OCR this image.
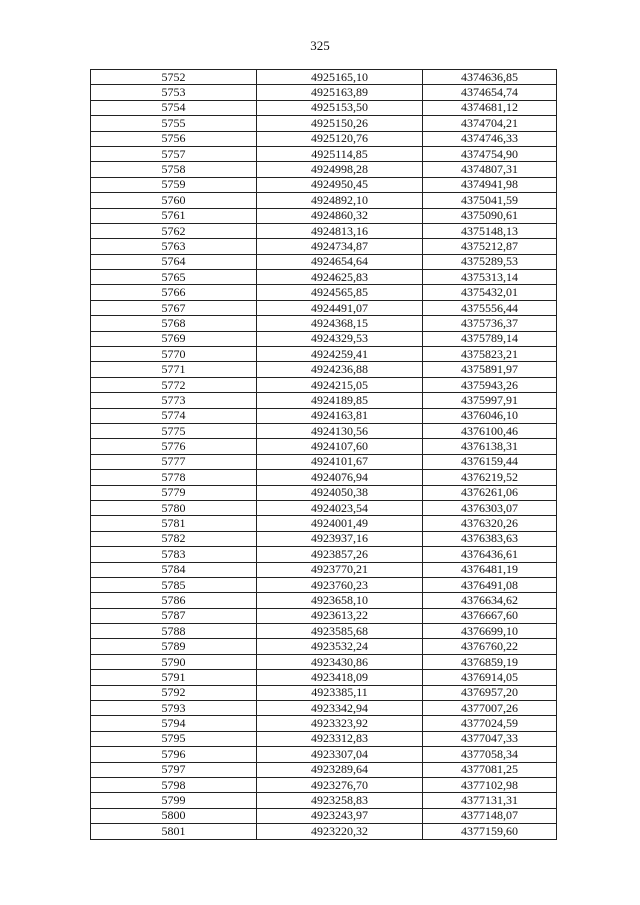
325
5752	4925165,10	4374636,85
5753	4925163,89	4374654,74
5754	4925153,50	4374681,12
5755	4925150,26	4374704,21
5756	4925120,76	4374746,33
5757	4925114,85	4374754,90
5758	4924998,28	4374807,31
5759	4924950,45	4374941,98
5760	4924892,10	4375041,59
5761	4924860,32	4375090,61
5762	4924813,16	4375148,13
5763	4924734,87	4375212,87
5764	4924654,64	4375289,53
5765	4924625,83	4375313,14
5766	4924565,85	4375432,01
5767	4924491,07	4375556,44
5768	4924368,15	4375736,37
5769	4924329,53	4375789,14
5770	4924259,41	4375823,21
5771	4924236,88	4375891,97
5772	4924215,05	4375943,26
5773	4924189,85	4375997,91
5774	4924163,81	4376046,10
5775	4924130,56	4376100,46
5776	4924107,60	4376138,31
5777	4924101,67	4376159,44
5778	4924076,94	4376219,52
5779	4924050,38	4376261,06
5780	4924023,54	4376303,07
5781	4924001,49	4376320,26
5782	4923937,16	4376383,63
5783	4923857,26	4376436,61
5784	4923770,21	4376481,19
5785	4923760,23	4376491,08
5786	4923658,10	4376634,62
5787	4923613,22	4376667,60
5788	4923585,68	4376699,10
5789	4923532,24	4376760,22
5790	4923430,86	4376859,19
5791	4923418,09	4376914,05
5792	4923385,11	4376957,20
5793	4923342,94	4377007,26
5794	4923323,92	4377024,59
5795	4923312,83	4377047,33
5796	4923307,04	4377058,34
5797	4923289,64	4377081,25
5798	4923276,70	4377102,98
5799	4923258,83	4377131,31
5800	4923243,97	4377148,07
5801	4923220,32	4377159,60
